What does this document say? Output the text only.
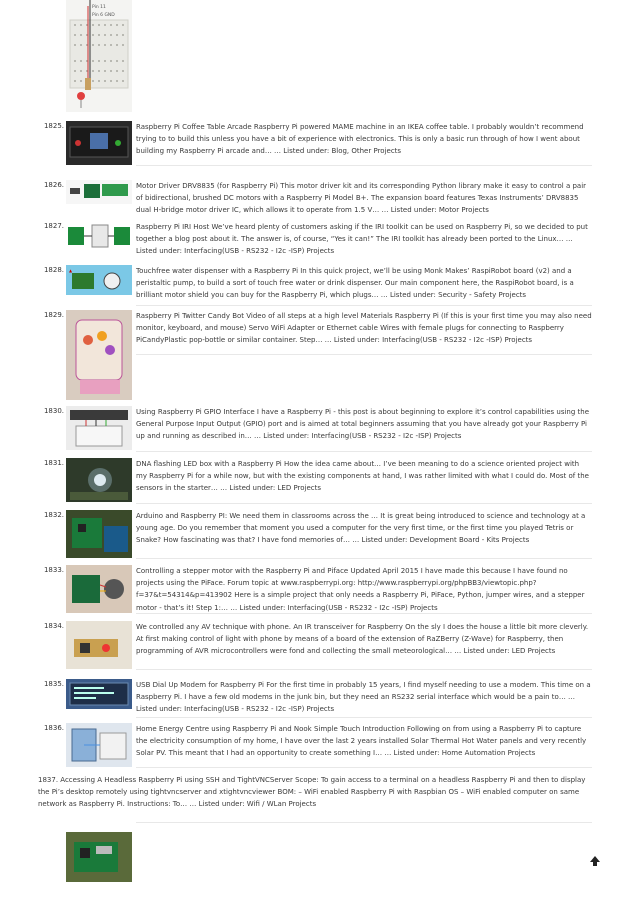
Pin 11
Pin 6 GND
1825.	Raspberry Pi Coffee Table Arcade Raspberry Pi powered MAME machine in an IKEA coffee table. I probably wouldn’t recommend trying to to build this unless you have a bit of experience with electronics. This is only a basic run through of how I went about building my Raspberry Pi arcade and… … Listed under: Blog, Other Projects
1826.	Motor Driver DRV8835 (for Raspberry Pi) This motor driver kit and its corresponding Python library make it easy to control a pair of bidirectional, brushed DC motors with a Raspberry Pi Model B+. The expansion board features Texas Instruments’ DRV8835 dual H-bridge motor driver IC, which allows it to operate from 1.5 V… … Listed under: Motor Projects
1827.	Raspberry Pi IRI Host We’ve heard plenty of customers asking if the IRI toolkit can be used on Raspberry Pi, so we decided to put together a blog post about it. The answer is, of course, “Yes it can!” The IRI toolkit has already been ported to the Linux… … Listed under: Interfacing(USB - RS232 - I2c -ISP) Projects
1828. ▲	Touchfree water dispenser with a Raspberry Pi In this quick project, we’ll be using Monk Makes’ RaspiRobot board (v2) and a peristaltic pump, to build a sort of touch free water or drink dispenser. Our main component here, the RaspiRobot board, is a brilliant motor shield you can buy for the Raspberry Pi, which plugs… … Listed under: Security - Safety Projects
1829.	Raspberry Pi Twitter Candy Bot Video of all steps at a high level Materials Raspberry Pi (If this is your first time you may also need monitor, keyboard, and mouse) Servo WiFi Adapter or Ethernet cable Wires with female plugs for connecting to Raspberry PiCandyPlastic pop-bottle or similar container. Step… … Listed under: Interfacing(USB - RS232 - I2c -ISP) Projects
1830.	Using Raspberry Pi GPIO Interface I have a Raspberry Pi - this post is about beginning to explore it’s control capabilities using the General Purpose Input Output (GPIO) port and is aimed at total beginners assuming that you have already got your Raspberry Pi up and running as described in… … Listed under: Interfacing(USB - RS232 - I2c -ISP) Projects
1831.	DNA flashing LED box with a Raspberry Pi How the idea came about… I’ve been meaning to do a science oriented project with my Raspberry Pi for a while now, but with the existing components at hand, I was rather limited with what I could do. Most of the sensors in the starter… … Listed under: LED Projects
1832.	Arduino and Raspberry PI: We need them in classrooms across the … It is great being introduced to science and technology at a young age. Do you remember that moment you used a computer for the very first time, or the first time you played Tetris or Snake? How fascinating was that? I have fond memories of… … Listed under: Development Board - Kits Projects
1833.	Controlling a stepper motor with the Raspberry Pi and Piface Updated April 2015 I have made this because I have found no projects using the PiFace. Forum topic at www.raspberrypi.org: http://www.raspberrypi.org/phpBB3/viewtopic.php?f=37&t=54314&p=413902 Here is a simple project that only needs a Raspberry Pi, PiFace, Python, jumper wires, and a stepper motor - that’s it! Step 1:… … Listed under: Interfacing(USB - RS232 - I2c -ISP) Projects
1834.	We controlled any AV technique with phone. An IR transceiver for Raspberry On the sly I does the house a little bit more cleverly. At first making control of light with phone by means of a board of the extension of RaZBerry (Z-Wave) for Raspberry, then programming of AVR microcontrollers were fond and collecting the small meteorological… … Listed under: LED Projects
1835.	USB Dial Up Modem for Raspberry Pi For the first time in probably 15 years, I find myself needing to use a modem. This time on a Raspberry Pi. I have a few old modems in the junk bin, but they need an RS232 serial interface which would be a pain to… … Listed under: Interfacing(USB - RS232 - I2c -ISP) Projects
1836.	Home Energy Centre using Raspberry Pi and Nook Simple Touch Introduction Following on from using a Raspberry Pi to capture the electricity consumption of my home, I have over the last 2 years installed Solar Thermal Hot Water panels and very recently Solar PV. This meant that I had an opportunity to create something I… … Listed under: Home Automation Projects
1837. Accessing A Headless Raspberry Pi using SSH and TightVNCServer Scope: To gain access to a terminal on a headless Raspberry Pi and then to display the Pi’s desktop remotely using tightvncserver and xtightvncviewer BOM: – WiFi enabled Raspberry Pi with Raspbian OS – WiFi enabled computer on same network as Raspberry Pi. Instructions: To… … Listed under: Wifi / WLan Projects
